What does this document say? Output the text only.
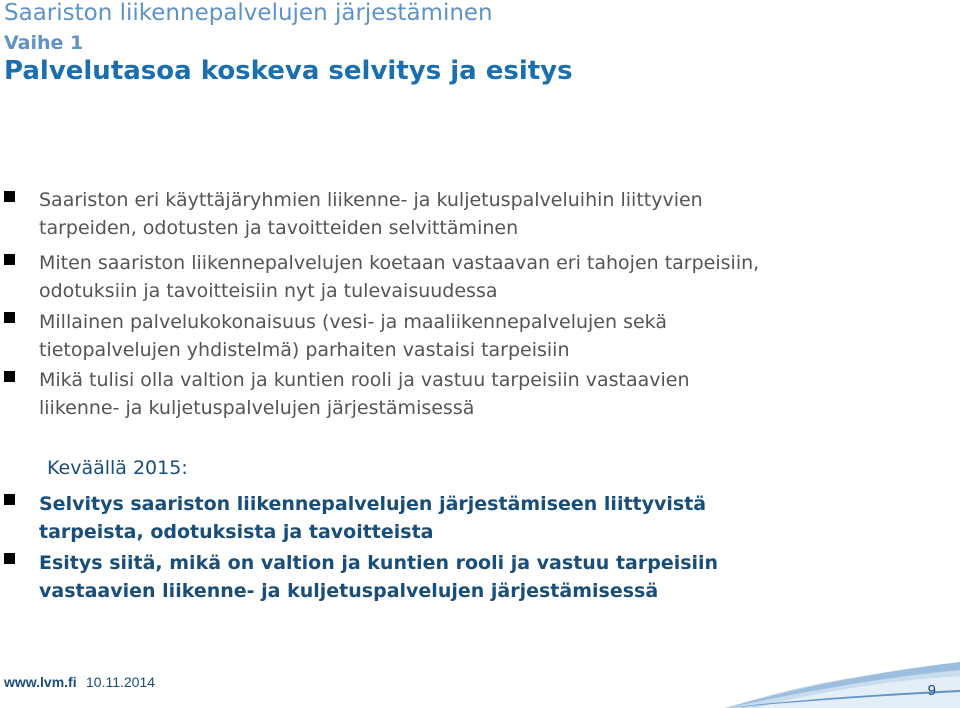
Saariston liikennepalvelujen järjestäminen
Vaihe 1
Palvelutasoa koskeva selvitys ja esitys
Saariston eri käyttäjäryhmien liikenne- ja kuljetuspalveluihin liittyvien
tarpeiden, odotusten ja tavoitteiden selvittäminen
Miten saariston liikennepalvelujen koetaan vastaavan eri tahojen tarpeisiin,
odotuksiin ja tavoitteisiin nyt ja tulevaisuudessa
Millainen palvelukokonaisuus (vesi- ja maaliikennepalvelujen sekä
tietopalvelujen yhdistelmä) parhaiten vastaisi tarpeisiin
Mikä tulisi olla valtion ja kuntien rooli ja vastuu tarpeisiin vastaavien
liikenne- ja kuljetuspalvelujen järjestämisessä

Keväällä 2015:

Selvitys saariston liikennepalvelujen järjestämiseen liittyvistä
tarpeista, odotuksista ja tavoitteista
Esitys siitä, mikä on valtion ja kuntien rooli ja vastuu tarpeisiin
vastaavien liikenne- ja kuljetuspalvelujen järjestämisessä
www.lvm.fi 10.11.2014	9
